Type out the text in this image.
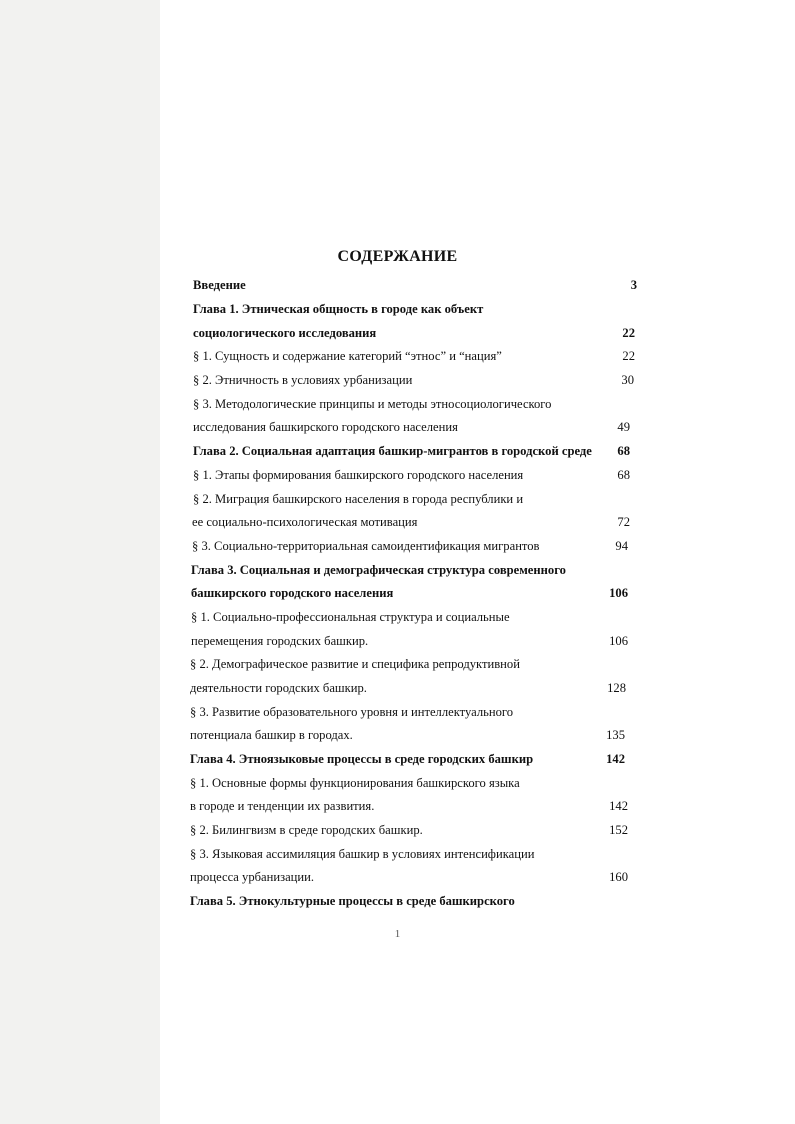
СОДЕРЖАНИЕ
Введение	3
Глава 1. Этническая общность в городе как объект
социологического исследования	22
§ 1. Сущность и содержание категорий “этнос” и “нация”	22
§ 2. Этничность в условиях урбанизации	30
§ 3. Методологические принципы и методы этносоциологического
исследования башкирского городского населения	49
Глава 2. Социальная адаптация башкир-мигрантов в городской среде 68
§ 1. Этапы формирования башкирского городского населения	68
§ 2. Миграция башкирского населения в города республики и
ее социально-психологическая мотивация	72
§ 3. Социально-территориальная самоидентификация мигрантов	94
Глава 3. Социальная и демографическая структура современного
башкирского городского населения	106
§ 1. Социально-профессиональная структура и социальные
перемещения городских башкир.	106
§ 2. Демографическое развитие и специфика репродуктивной
деятельности городских башкир.	128
§ 3. Развитие образовательного уровня и интеллектуального
потенциала башкир в городах.	135
Глава 4. Этноязыковые процессы в среде городских башкир	142
§ 1. Основные формы функционирования башкирского языка
в городе и тенденции их развития.	142
§ 2. Билингвизм в среде городских башкир.	152
§ 3. Языковая ассимиляция башкир в условиях интенсификации
процесса урбанизации.	160
Глава 5. Этнокультурные процессы в среде башкирского
1
